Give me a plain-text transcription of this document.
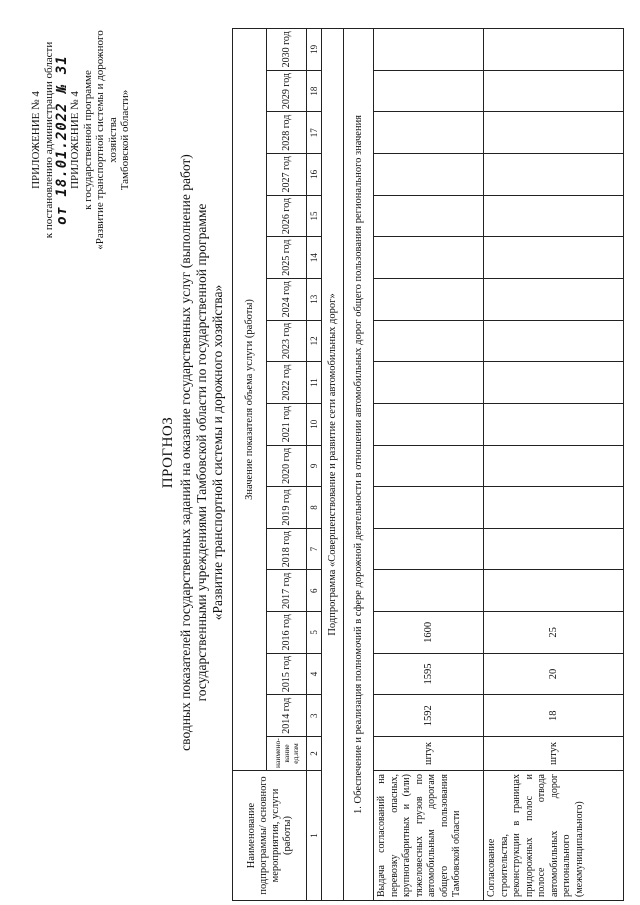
ПРИЛОЖЕНИЕ № 4 к постановлению администрации области от 18.01.2022 № 31 ПРИЛОЖЕНИЕ № 4 к государственной программе «Развитие транспортной системы и дорожного хозяйства Тамбовской области»
ПРОГНОЗ сводных показателей государственных заданий на оказание государственных услуг (выполнение работ) государственными учреждениями Тамбовской области по государственной программе «Развитие транспортной системы и дорожного хозяйства»
Наименование подпрограммы/ основного мероприятия, услуги (работы)	Значение показателя объема услуги (работы)																	
	наимено-вание ед.изм	2014 год	2015 год	2016 год	2017 год	2018 год	2019 год	2020 год	2021 год	2022 год	2023 год	2024 год	2025 год	2026 год	2027 год	2028 год	2029 год	2030 год
1	2	3	4	5	6	7	8	9	10	11	12	13	14	15	16	17	18	19
Подпрограмма «Совершенствование и развитие сети автомобильных дорог»																		
1. Обеспечение и реализация полномочий в сфере дорожной деятельности в отношении автомобильных дорог общего пользования регионального значения																		
Выдача согласований на перевозку опасных, крупногабаритных и (или) тяжеловесных грузов по автомобильным дорогам общего пользования Тамбовской области	штук	1592	1595	1600														
Согласование строительства, реконструкции в границах придорожных полос и полосе отвода автомобильных дорог регионального (межмуниципального)	штук	18	20	25														
